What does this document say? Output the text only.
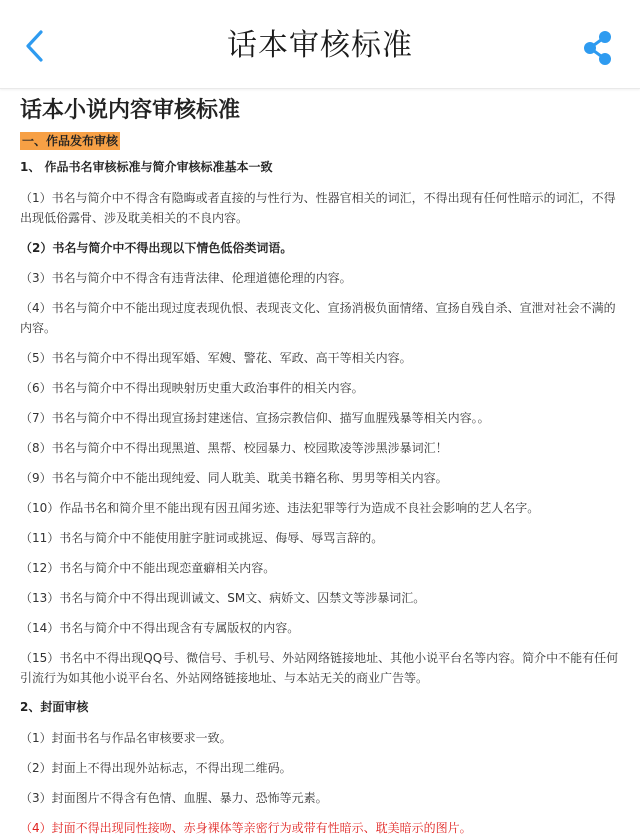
话本审核标准
话本小说内容审核标准
一、作品发布审核
1、 作品书名审核标准与简介审核标准基本一致
（1）书名与简介中不得含有隐晦或者直接的与性行为、性器官相关的词汇，不得出现有任何性暗示的词汇，不得出现低俗露骨、涉及耽美相关的不良内容。
（2）书名与简介中不得出现以下情色低俗类词语。
（3）书名与简介中不得含有违背法律、伦理道德伦理的内容。
（4）书名与简介中不能出现过度表现仇恨、表现丧文化、宣扬消极负面情绪、宣扬自残自杀、宣泄对社会不满的内容。
（5）书名与简介中不得出现军婚、军嫂、警花、军政、高干等相关内容。
（6）书名与简介中不得出现映射历史重大政治事件的相关内容。
（7）书名与简介中不得出现宣扬封建迷信、宣扬宗教信仰、描写血腥残暴等相关内容。。
（8）书名与简介中不得出现黑道、黑帮、校园暴力、校园欺凌等涉黑涉暴词汇！
（9）书名与简介中不能出现纯爱、同人耽美、耽美书籍名称、男男等相关内容。
（10）作品书名和简介里不能出现有因丑闻劣迹、违法犯罪等行为造成不良社会影响的艺人名字。
（11）书名与简介中不能使用脏字脏词或挑逗、侮辱、辱骂言辞的。
（12）书名与简介中不能出现恋童癖相关内容。
（13）书名与简介中不得出现训诫文、SM文、病娇文、囚禁文等涉暴词汇。
（14）书名与简介中不得出现含有专属版权的内容。
（15）书名中不得出现QQ号、微信号、手机号、外站网络链接地址、其他小说平台名等内容。简介中不能有任何引流行为如其他小说平台名、外站网络链接地址、与本站无关的商业广告等。
2、封面审核
（1）封面书名与作品名审核要求一致。
（2）封面上不得出现外站标志，不得出现二维码。
（3）封面图片不得含有色情、血腥、暴力、恐怖等元素。
（4）封面不得出现同性接吻、赤身裸体等亲密行为或带有性暗示、耽美暗示的图片。
